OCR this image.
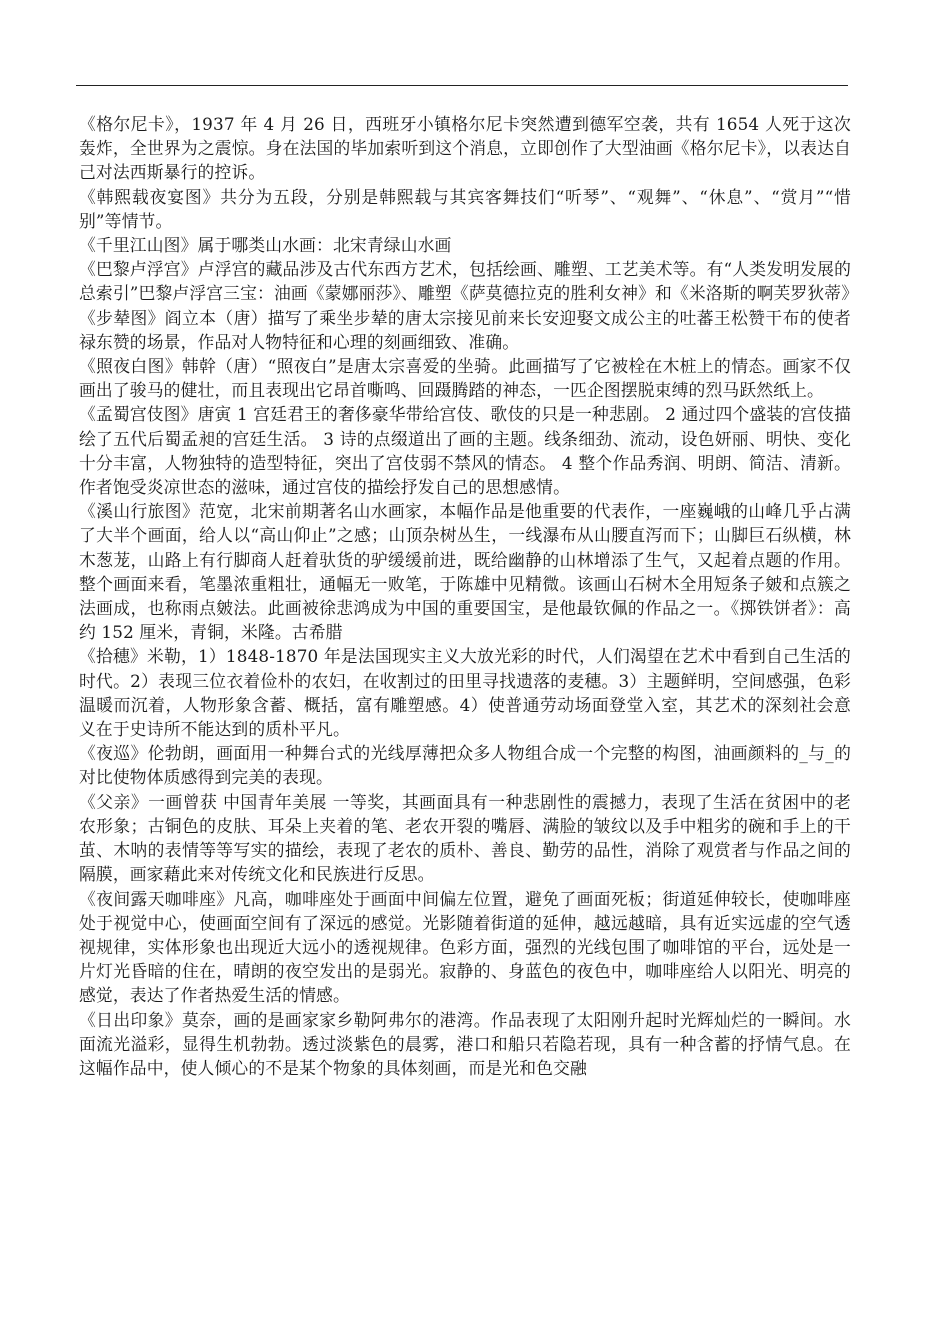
《格尔尼卡》，1937 年 4 月 26 日，西班牙小镇格尔尼卡突然遭到德军空袭，共有 1654 人死于这次轰炸，全世界为之震惊。身在法国的毕加索听到这个消息，立即创作了大型油画《格尔尼卡》，以表达自己对法西斯暴行的控诉。

《韩熙载夜宴图》共分为五段，分别是韩熙载与其宾客舞技们“听琴”、“观舞”、“休息”、“赏月”“惜别”等情节。

《千里江山图》属于哪类山水画：北宋青绿山水画

《巴黎卢浮宫》卢浮宫的藏品涉及古代东西方艺术，包括绘画、雕塑、工艺美术等。有“人类发明发展的总索引”巴黎卢浮宫三宝：油画《蒙娜丽莎》、雕塑《萨莫德拉克的胜利女神》和《米洛斯的啊芙罗狄蒂》

《步辇图》阎立本（唐）描写了乘坐步辇的唐太宗接见前来长安迎娶文成公主的吐蕃王松赞干布的使者禄东赞的场景，作品对人物特征和心理的刻画细致、准确。

《照夜白图》韩幹（唐）“照夜白”是唐太宗喜爱的坐骑。此画描写了它被栓在木桩上的情态。画家不仅画出了骏马的健壮，而且表现出它昂首嘶鸣、回蹑腾踏的神态，一匹企图摆脱束缚的烈马跃然纸上。

《孟蜀宫伎图》唐寅 1 宫廷君王的奢侈豪华带给宫伎、歌伎的只是一种悲剧。 2 通过四个盛装的宫伎描绘了五代后蜀孟昶的宫廷生活。 3 诗的点缀道出了画的主题。线条细劲、流动，设色妍丽、明快、变化十分丰富，人物独特的造型特征，突出了宫伎弱不禁风的情态。 4 整个作品秀润、明朗、简洁、清新。作者饱受炎凉世态的滋味，通过宫伎的描绘抒发自己的思想感情。

《溪山行旅图》范宽，北宋前期著名山水画家，本幅作品是他重要的代表作，一座巍峨的山峰几乎占满了大半个画面，给人以“高山仰止”之感；山顶杂树丛生，一线瀑布从山腰直泻而下；山脚巨石纵横，林木葱茏，山路上有行脚商人赶着驮货的驴缓缓前进，既给幽静的山林增添了生气，又起着点题的作用。整个画面来看，笔墨浓重粗壮，通幅无一败笔，于陈雄中见精微。该画山石树木全用短条子皴和点簇之法画成，也称雨点皴法。此画被徐悲鸿成为中国的重要国宝，是他最钦佩的作品之一。《掷铁饼者》：高约 152 厘米，青铜，米隆。古希腊

《拾穗》米勒，1）1848-1870 年是法国现实主义大放光彩的时代，人们渴望在艺术中看到自己生活的时代。2）表现三位衣着俭朴的农妇，在收割过的田里寻找遗落的麦穗。3）主题鲜明，空间感强，色彩温暖而沉着，人物形象含蓄、概括，富有雕塑感。4）使普通劳动场面登堂入室，其艺术的深刻社会意义在于史诗所不能达到的质朴平凡。

《夜巡》伦勃朗，画面用一种舞台式的光线厚薄把众多人物组合成一个完整的构图，油画颜料的_与_的对比使物体质感得到完美的表现。

《父亲》一画曾获 中国青年美展 一等奖，其画面具有一种悲剧性的震撼力，表现了生活在贫困中的老农形象；古铜色的皮肤、耳朵上夹着的笔、老农开裂的嘴唇、满脸的皱纹以及手中粗劣的碗和手上的干茧、木呐的表情等等写实的描绘，表现了老农的质朴、善良、勤劳的品性，消除了观赏者与作品之间的隔膜，画家藉此来对传统文化和民族进行反思。

《夜间露天咖啡座》凡高，咖啡座处于画面中间偏左位置，避免了画面死板；街道延伸较长，使咖啡座处于视觉中心，使画面空间有了深远的感觉。光影随着街道的延伸，越远越暗，具有近实远虚的空气透视规律，实体形象也出现近大远小的透视规律。色彩方面，强烈的光线包围了咖啡馆的平台，远处是一片灯光昏暗的住在，晴朗的夜空发出的是弱光。寂静的、身蓝色的夜色中，咖啡座给人以阳光、明亮的感觉，表达了作者热爱生活的情感。

《日出印象》莫奈，画的是画家家乡勒阿弗尔的港湾。作品表现了太阳刚升起时光辉灿烂的一瞬间。水面流光溢彩，显得生机勃勃。透过淡紫色的晨雾，港口和船只若隐若现，具有一种含蓄的抒情气息。在这幅作品中，使人倾心的不是某个物象的具体刻画，而是光和色交融
